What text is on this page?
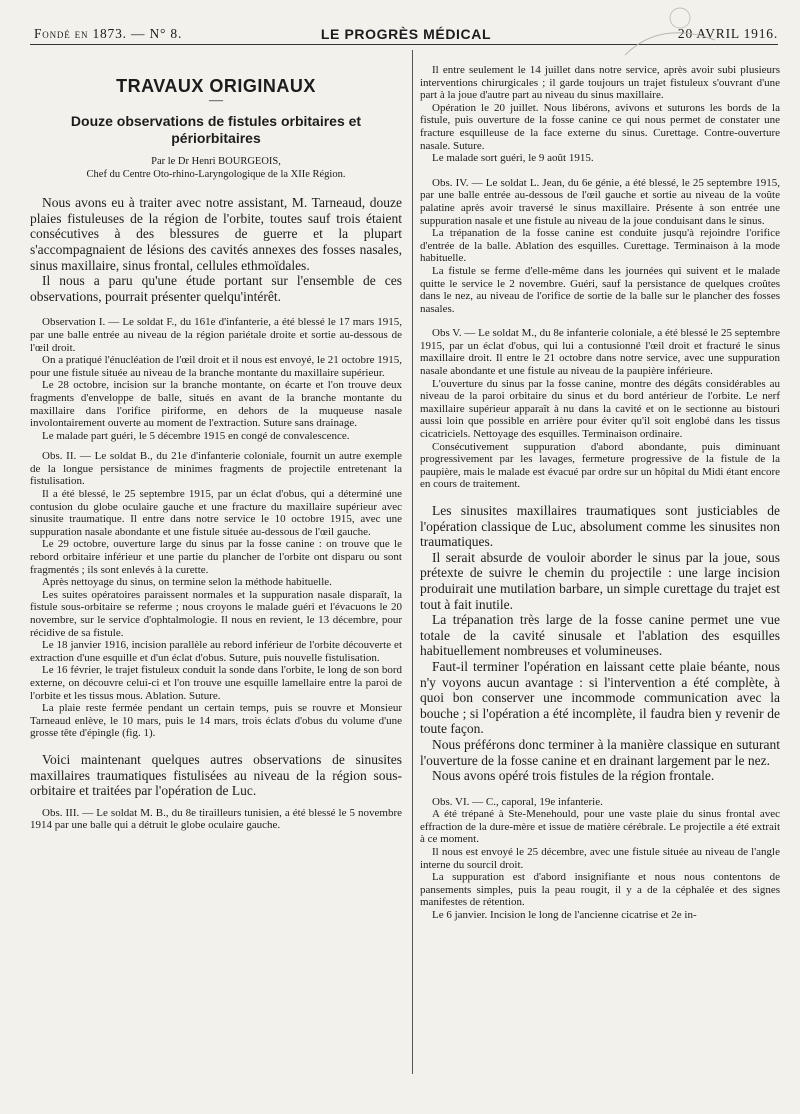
Fondé en 1873. — N° 8.	LE PROGRÈS MÉDICAL	20 AVRIL 1916.
TRAVAUX ORIGINAUX
—
Douze observations de fistules orbitaires et périorbitaires
Par le Dr Henri BOURGEOIS,
Chef du Centre Oto-rhino-Laryngologique de la XIIe Région.

Nous avons eu à traiter avec notre assistant, M. Tarneaud, douze plaies fistuleuses de la région de l'orbite, toutes sauf trois étaient consécutives à des blessures de guerre et la plupart s'accompagnaient de lésions des cavités annexes des fosses nasales, sinus maxillaire, sinus frontal, cellules ethmoïdales.

Il nous a paru qu'une étude portant sur l'ensemble de ces observations, pourrait présenter quelqu'intérêt.

Observation I. — Le soldat F., du 161e d'infanterie, a été blessé le 17 mars 1915, par une balle entrée au niveau de la région pariétale droite et sortie au-dessous de l'œil droit.

On a pratiqué l'énucléation de l'œil droit et il nous est envoyé, le 21 octobre 1915, pour une fistule située au niveau de la branche montante du maxillaire supérieur.

Le 28 octobre, incision sur la branche montante, on écarte et l'on trouve deux fragments d'enveloppe de balle, situés en avant de la branche montante du maxillaire dans l'orifice piriforme, en dehors de la muqueuse nasale involontairement ouverte au moment de l'extraction. Suture sans drainage.

Le malade part guéri, le 5 décembre 1915 en congé de convalescence.

Obs. II. — Le soldat B., du 21e d'infanterie coloniale, fournit un autre exemple de la longue persistance de minimes fragments de projectile entretenant la fistulisation.

Il a été blessé, le 25 septembre 1915, par un éclat d'obus, qui a déterminé une contusion du globe oculaire gauche et une fracture du maxillaire supérieur avec sinusite traumatique. Il entre dans notre service le 10 octobre 1915, avec une suppuration nasale abondante et une fistule située au-dessous de l'œil gauche.

Le 29 octobre, ouverture large du sinus par la fosse canine : on trouve que le rebord orbitaire inférieur et une partie du plancher de l'orbite ont disparu ou sont fragmentés ; ils sont enlevés à la curette.

Après nettoyage du sinus, on termine selon la méthode habituelle.

Les suites opératoires paraissent normales et la suppuration nasale disparaît, la fistule sous-orbitaire se referme ; nous croyons le malade guéri et l'évacuons le 20 novembre, sur le service d'ophtalmologie. Il nous en revient, le 13 décembre, pour récidive de sa fistule.

Le 18 janvier 1916, incision parallèle au rebord inférieur de l'orbite découverte et extraction d'une esquille et d'un éclat d'obus. Suture, puis nouvelle fistulisation.

Le 16 février, le trajet fistuleux conduit la sonde dans l'orbite, le long de son bord externe, on découvre celui-ci et l'on trouve une esquille lamellaire entre la paroi de l'orbite et les tissus mous. Ablation. Suture.

La plaie reste fermée pendant un certain temps, puis se rouvre et Monsieur Tarneaud enlève, le 10 mars, puis le 14 mars, trois éclats d'obus du volume d'une grosse tête d'épingle (fig. 1).

Voici maintenant quelques autres observations de sinusites maxillaires traumatiques fistulisées au niveau de la région sous-orbitaire et traitées par l'opération de Luc.

Obs. III. — Le soldat M. B., du 8e tirailleurs tunisien, a été blessé le 5 novembre 1914 par une balle qui a détruit le globe oculaire gauche.

Il entre seulement le 14 juillet dans notre service, après avoir subi plusieurs interventions chirurgicales ; il garde toujours un trajet fistuleux s'ouvrant d'une part à la joue d'autre part au niveau du sinus maxillaire.

Opération le 20 juillet. Nous libérons, avivons et suturons les bords de la fistule, puis ouverture de la fosse canine ce qui nous permet de constater une fracture esquilleuse de la face externe du sinus. Curettage. Contre-ouverture nasale. Suture.

Le malade sort guéri, le 9 août 1915.

Obs. IV. — Le soldat L. Jean, du 6e génie, a été blessé, le 25 septembre 1915, par une balle entrée au-dessous de l'œil gauche et sortie au niveau de la voûte palatine après avoir traversé le sinus maxillaire. Présente à son entrée une suppuration nasale et une fistule au niveau de la joue conduisant dans le sinus.

La trépanation de la fosse canine est conduite jusqu'à rejoindre l'orifice d'entrée de la balle. Ablation des esquilles. Curettage. Terminaison à la mode habituelle.

La fistule se ferme d'elle-même dans les journées qui suivent et le malade quitte le service le 2 novembre. Guéri, sauf la persistance de quelques croûtes dans le nez, au niveau de l'orifice de sortie de la balle sur le plancher des fosses nasales.

Obs V. — Le soldat M., du 8e infanterie coloniale, a été blessé le 25 septembre 1915, par un éclat d'obus, qui lui a contusionné l'œil droit et fracturé le sinus maxillaire droit. Il entre le 21 octobre dans notre service, avec une suppuration nasale abondante et une fistule au niveau de la paupière inférieure.

L'ouverture du sinus par la fosse canine, montre des dégâts considérables au niveau de la paroi orbitaire du sinus et du bord antérieur de l'orbite. Le nerf maxillaire supérieur apparaît à nu dans la cavité et on le sectionne au bistouri aussi loin que possible en arrière pour éviter qu'il soit englobé dans les tissus cicatriciels. Nettoyage des esquilles. Terminaison ordinaire.

Consécutivement suppuration d'abord abondante, puis diminuant progressivement par les lavages, fermeture progressive de la fistule de la paupière, mais le malade est évacué par ordre sur un hôpital du Midi étant encore en cours de traitement.

Les sinusites maxillaires traumatiques sont justiciables de l'opération classique de Luc, absolument comme les sinusites non traumatiques.

Il serait absurde de vouloir aborder le sinus par la joue, sous prétexte de suivre le chemin du projectile : une large incision produirait une mutilation barbare, un simple curettage du trajet est tout à fait inutile.

La trépanation très large de la fosse canine permet une vue totale de la cavité sinusale et l'ablation des esquilles habituellement nombreuses et volumineuses.

Faut-il terminer l'opération en laissant cette plaie béante, nous n'y voyons aucun avantage : si l'intervention a été complète, à quoi bon conserver une incommode communication avec la bouche ; si l'opération a été incomplète, il faudra bien y revenir de toute façon.

Nous préférons donc terminer à la manière classique en suturant l'ouverture de la fosse canine et en drainant largement par le nez.

Nous avons opéré trois fistules de la région frontale.

Obs. VI. — C., caporal, 19e infanterie.

A été trépané à Ste-Menehould, pour une vaste plaie du sinus frontal avec effraction de la dure-mère et issue de matière cérébrale. Le projectile a été extrait à ce moment.

Il nous est envoyé le 25 décembre, avec une fistule située au niveau de l'angle interne du sourcil droit.

La suppuration est d'abord insignifiante et nous nous contentons de pansements simples, puis la peau rougit, il y a de la céphalée et des signes manifestes de rétention.

Le 6 janvier. Incision le long de l'ancienne cicatrise et 2e in-
